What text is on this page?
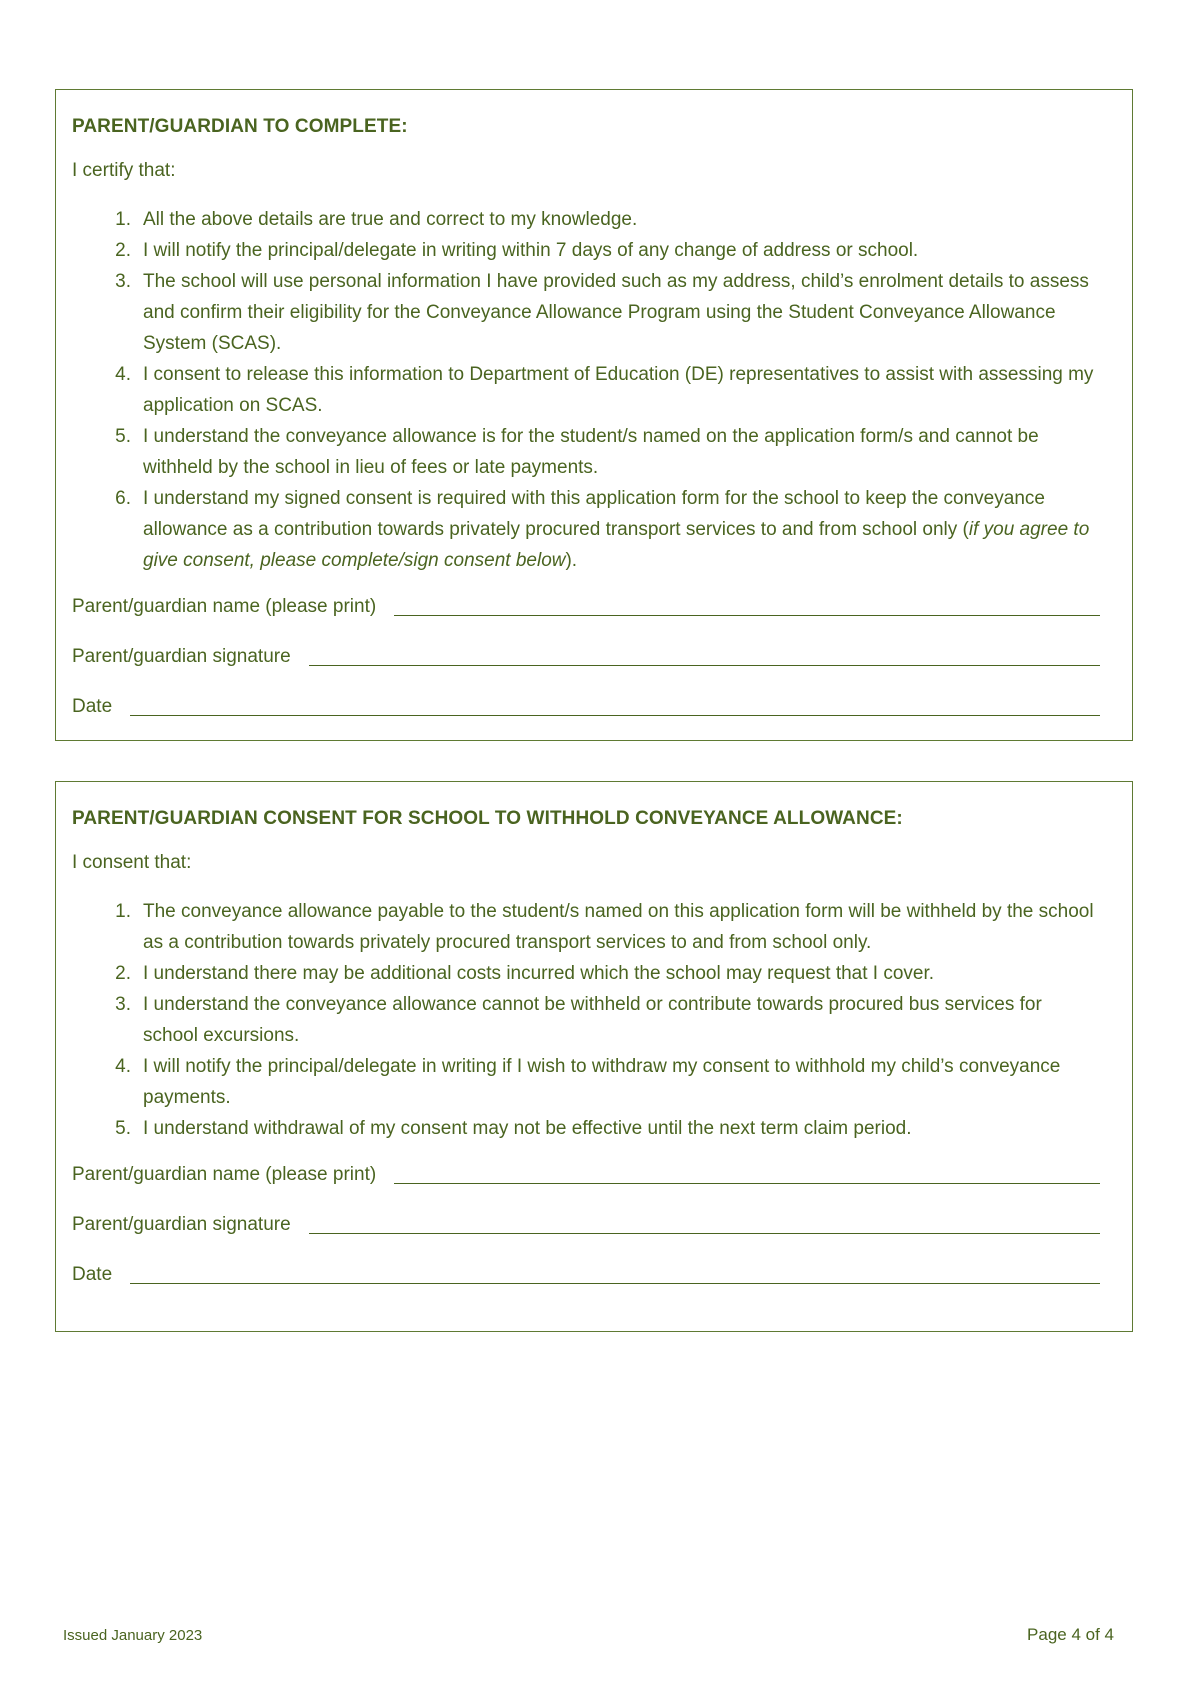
PARENT/GUARDIAN TO COMPLETE:
I certify that:
1. All the above details are true and correct to my knowledge.
2. I will notify the principal/delegate in writing within 7 days of any change of address or school.
3. The school will use personal information I have provided such as my address, child’s enrolment details to assess and confirm their eligibility for the Conveyance Allowance Program using the Student Conveyance Allowance System (SCAS).
4. I consent to release this information to Department of Education (DE) representatives to assist with assessing my application on SCAS.
5. I understand the conveyance allowance is for the student/s named on the application form/s and cannot be withheld by the school in lieu of fees or late payments.
6. I understand my signed consent is required with this application form for the school to keep the conveyance allowance as a contribution towards privately procured transport services to and from school only (if you agree to give consent, please complete/sign consent below).
Parent/guardian name (please print)
Parent/guardian signature
Date
PARENT/GUARDIAN CONSENT FOR SCHOOL TO WITHHOLD CONVEYANCE ALLOWANCE:
I consent that:
1. The conveyance allowance payable to the student/s named on this application form will be withheld by the school as a contribution towards privately procured transport services to and from school only.
2. I understand there may be additional costs incurred which the school may request that I cover.
3. I understand the conveyance allowance cannot be withheld or contribute towards procured bus services for school excursions.
4. I will notify the principal/delegate in writing if I wish to withdraw my consent to withhold my child’s conveyance payments.
5. I understand withdrawal of my consent may not be effective until the next term claim period.
Parent/guardian name (please print)
Parent/guardian signature
Date
Issued January 2023	Page 4 of 4
